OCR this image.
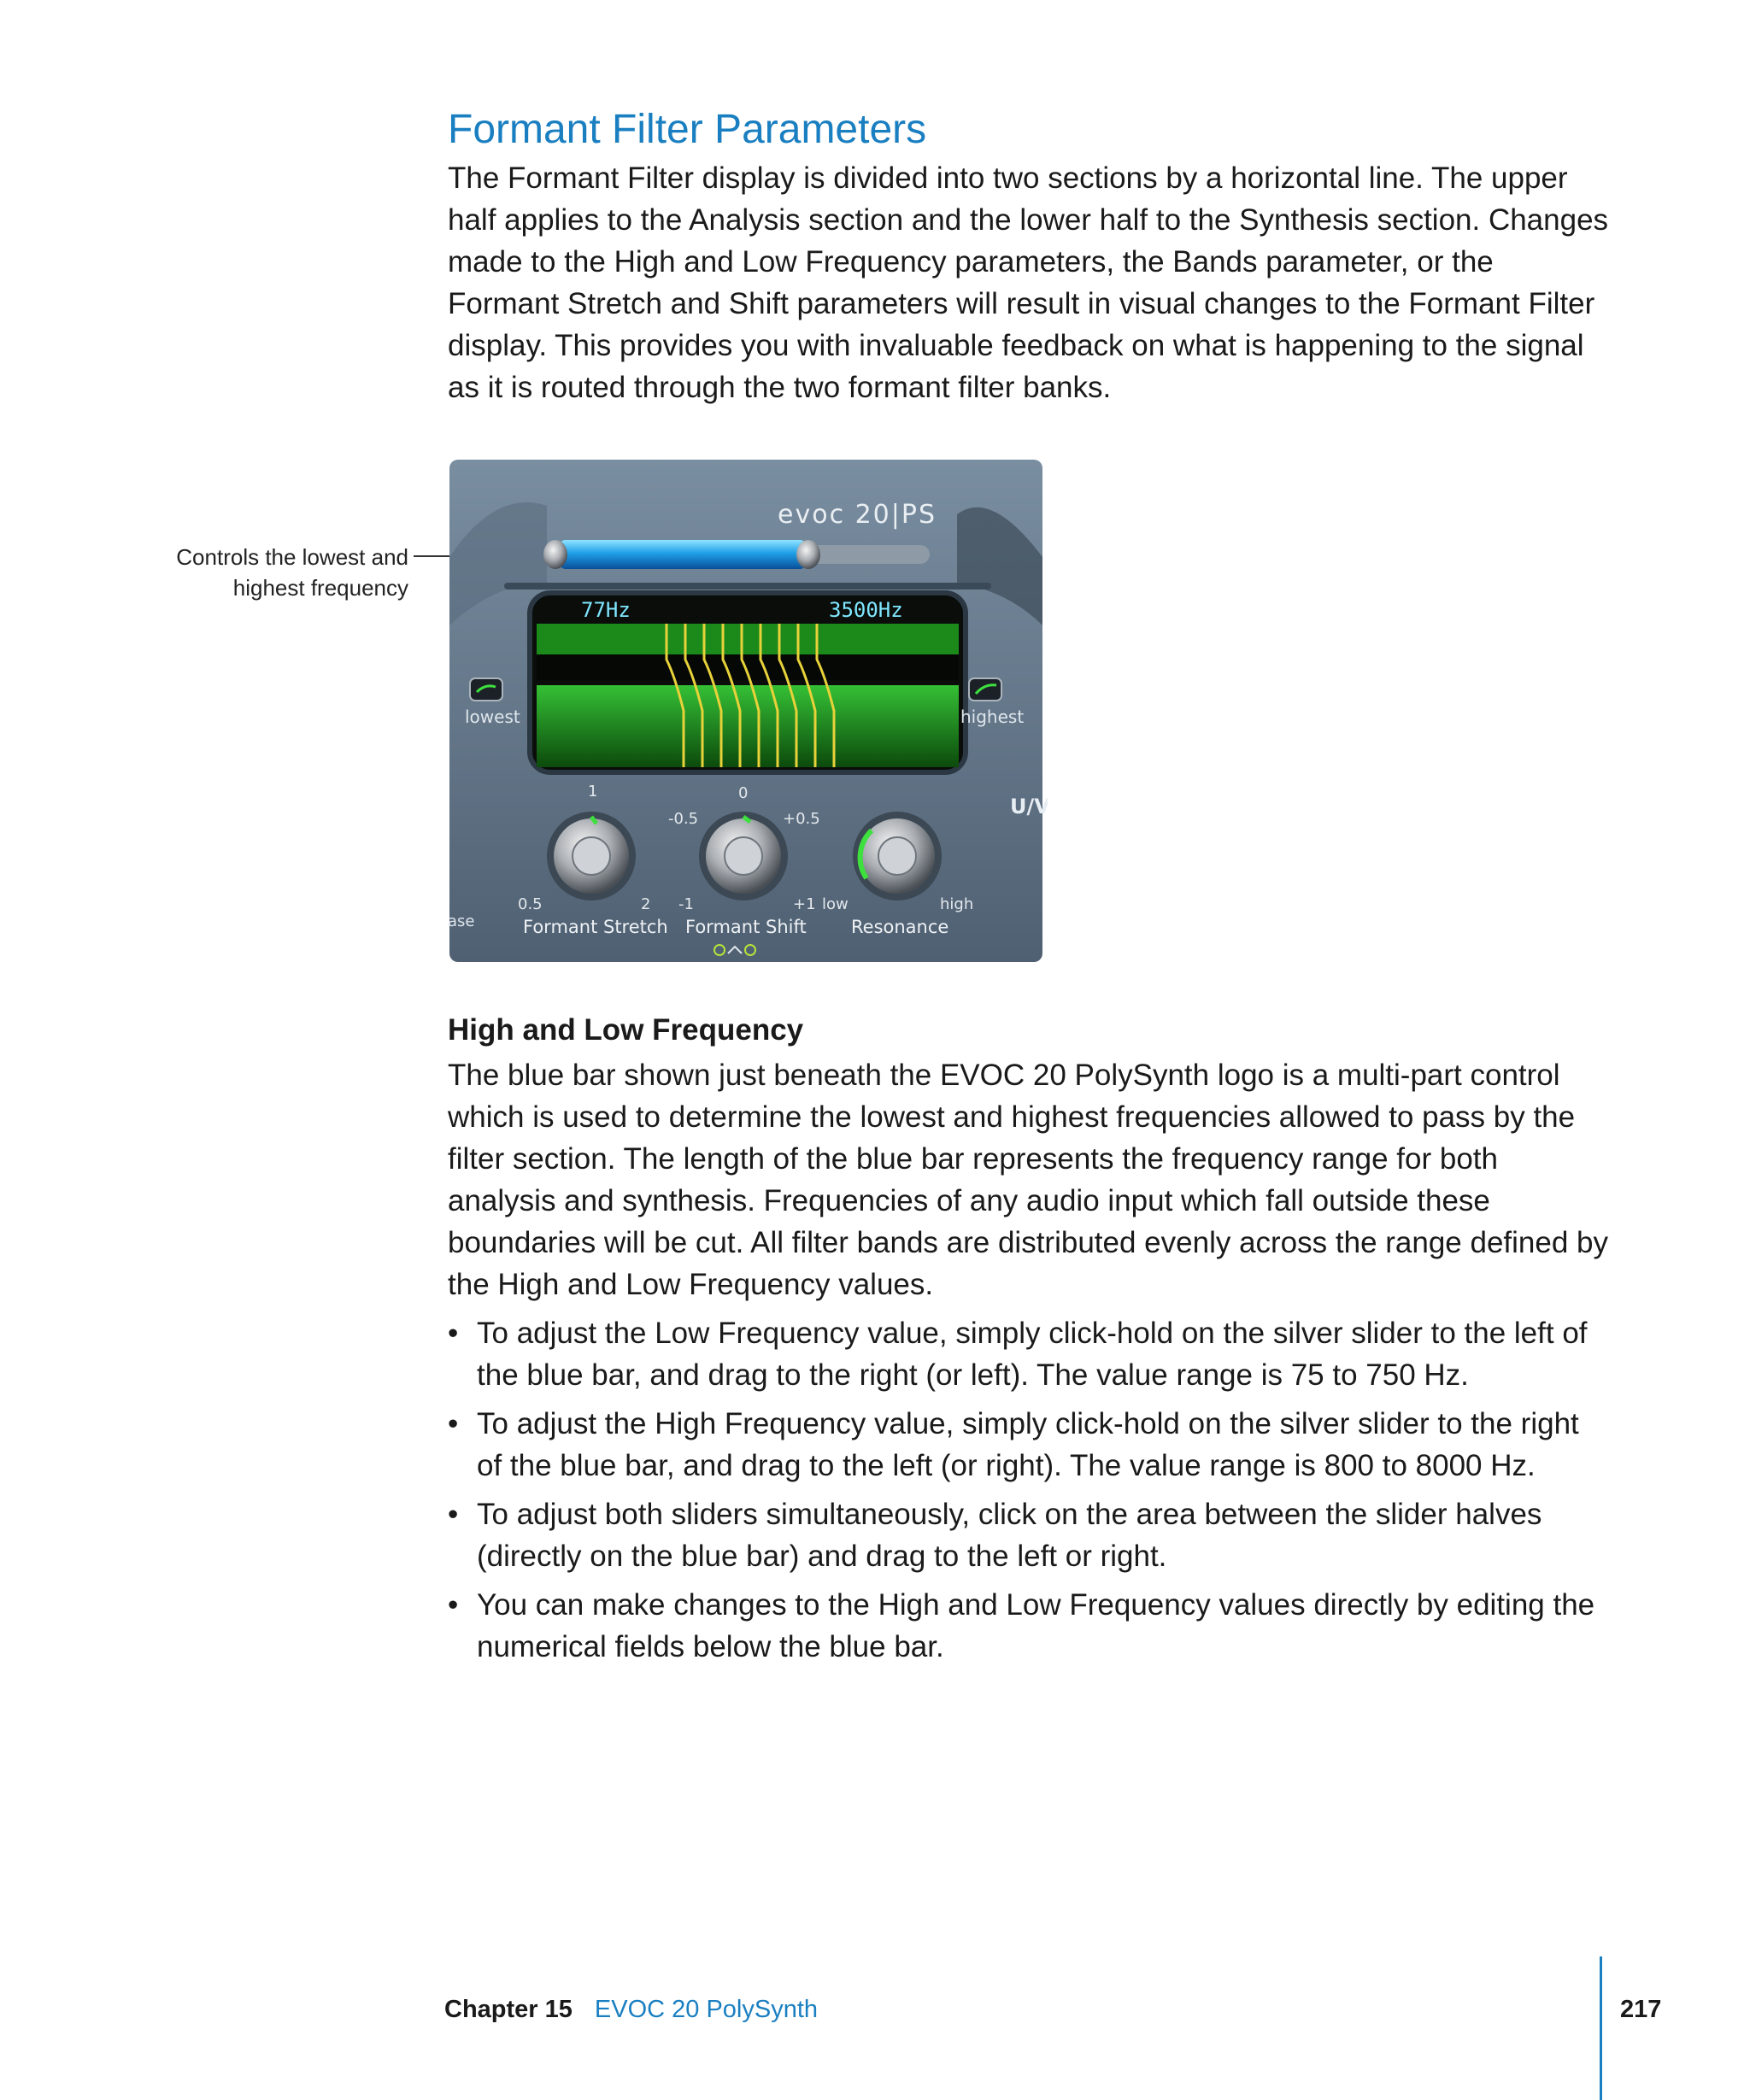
Formant Filter Parameters

The Formant Filter display is divided into two sections by a horizontal line. The upper half applies to the Analysis section and the lower half to the Synthesis section. Changes made to the High and Low Frequency parameters, the Bands parameter, or the Formant Stretch and Shift parameters will result in visual changes to the Formant Filter display. This provides you with invaluable feedback on what is happening to the signal as it is routed through the two formant filter banks.

Controls the lowest and
highest frequency
evoc 20|PS
77Hz	3500Hz
lowest	highest
U/V
ase
1
0.5	2
Formant Stretch
0
-0.5	+0.5
-1	+1
Formant Shift
low	high
Resonance
High and Low Frequency

The blue bar shown just beneath the EVOC 20 PolySynth logo is a multi-part control which is used to determine the lowest and highest frequencies allowed to pass by the filter section. The length of the blue bar represents the frequency range for both analysis and synthesis. Frequencies of any audio input which fall outside these boundaries will be cut. All filter bands are distributed evenly across the range defined by the High and Low Frequency values.

• To adjust the Low Frequency value, simply click-hold on the silver slider to the left of the blue bar, and drag to the right (or left). The value range is 75 to 750 Hz.
• To adjust the High Frequency value, simply click-hold on the silver slider to the right of the blue bar, and drag to the left (or right). The value range is 800 to 8000 Hz.
• To adjust both sliders simultaneously, click on the area between the slider halves (directly on the blue bar) and drag to the left or right.
• You can make changes to the High and Low Frequency values directly by editing the numerical fields below the blue bar.
Chapter 15 EVOC 20 PolySynth	217
